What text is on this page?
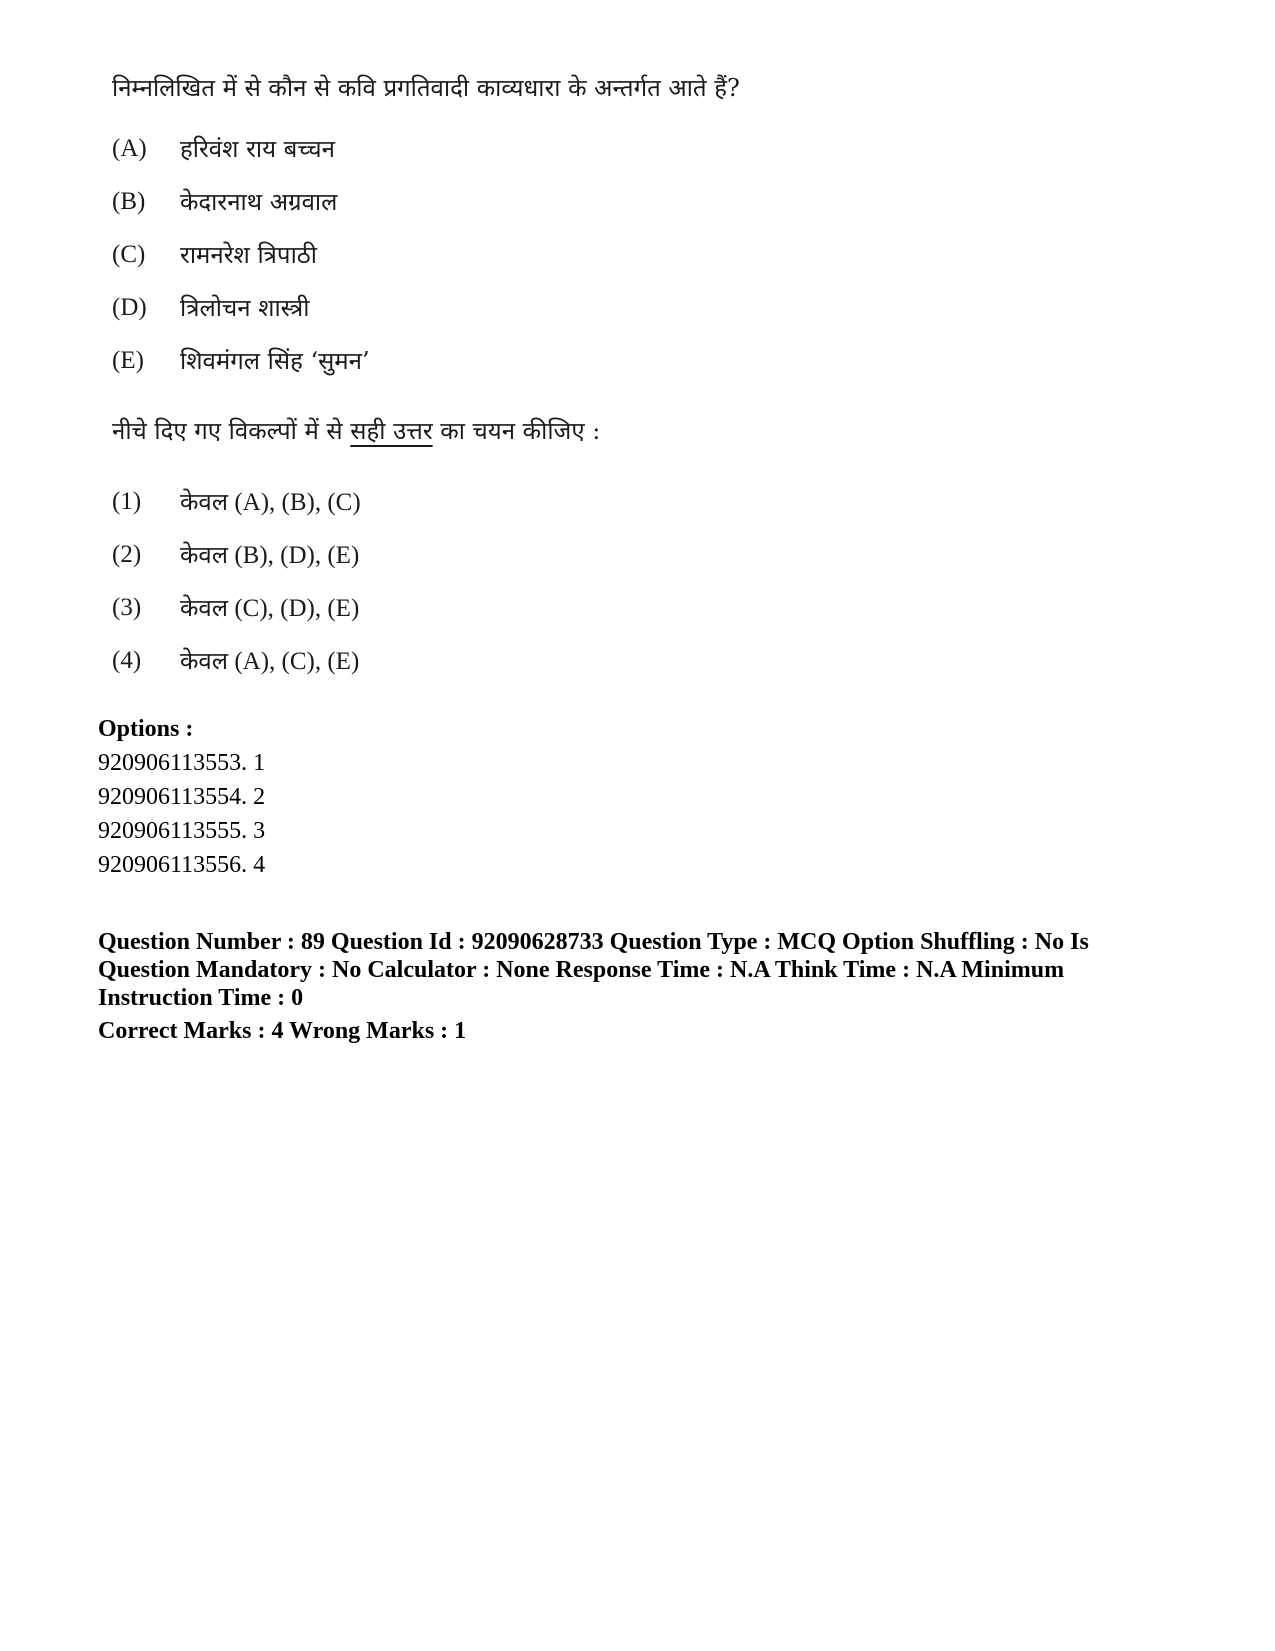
निम्नलिखित में से कौन से कवि प्रगतिवादी काव्यधारा के अन्तर्गत आते हैं?
(A)	हरिवंश राय बच्चन
(B)	केदारनाथ अग्रवाल
(C)	रामनरेश त्रिपाठी
(D)	त्रिलोचन शास्त्री
(E)	शिवमंगल सिंह ‘सुमन’
नीचे दिए गए विकल्पों में से सही उत्तर का चयन कीजिए :
(1)	केवल (A), (B), (C)
(2)	केवल (B), (D), (E)
(3)	केवल (C), (D), (E)
(4)	केवल (A), (C), (E)
Options :
920906113553. 1
920906113554. 2
920906113555. 3
920906113556. 4
Question Number : 89 Question Id : 92090628733 Question Type : MCQ Option Shuffling : No Is Question Mandatory : No Calculator : None Response Time : N.A Think Time : N.A Minimum Instruction Time : 0
Correct Marks : 4 Wrong Marks : 1
